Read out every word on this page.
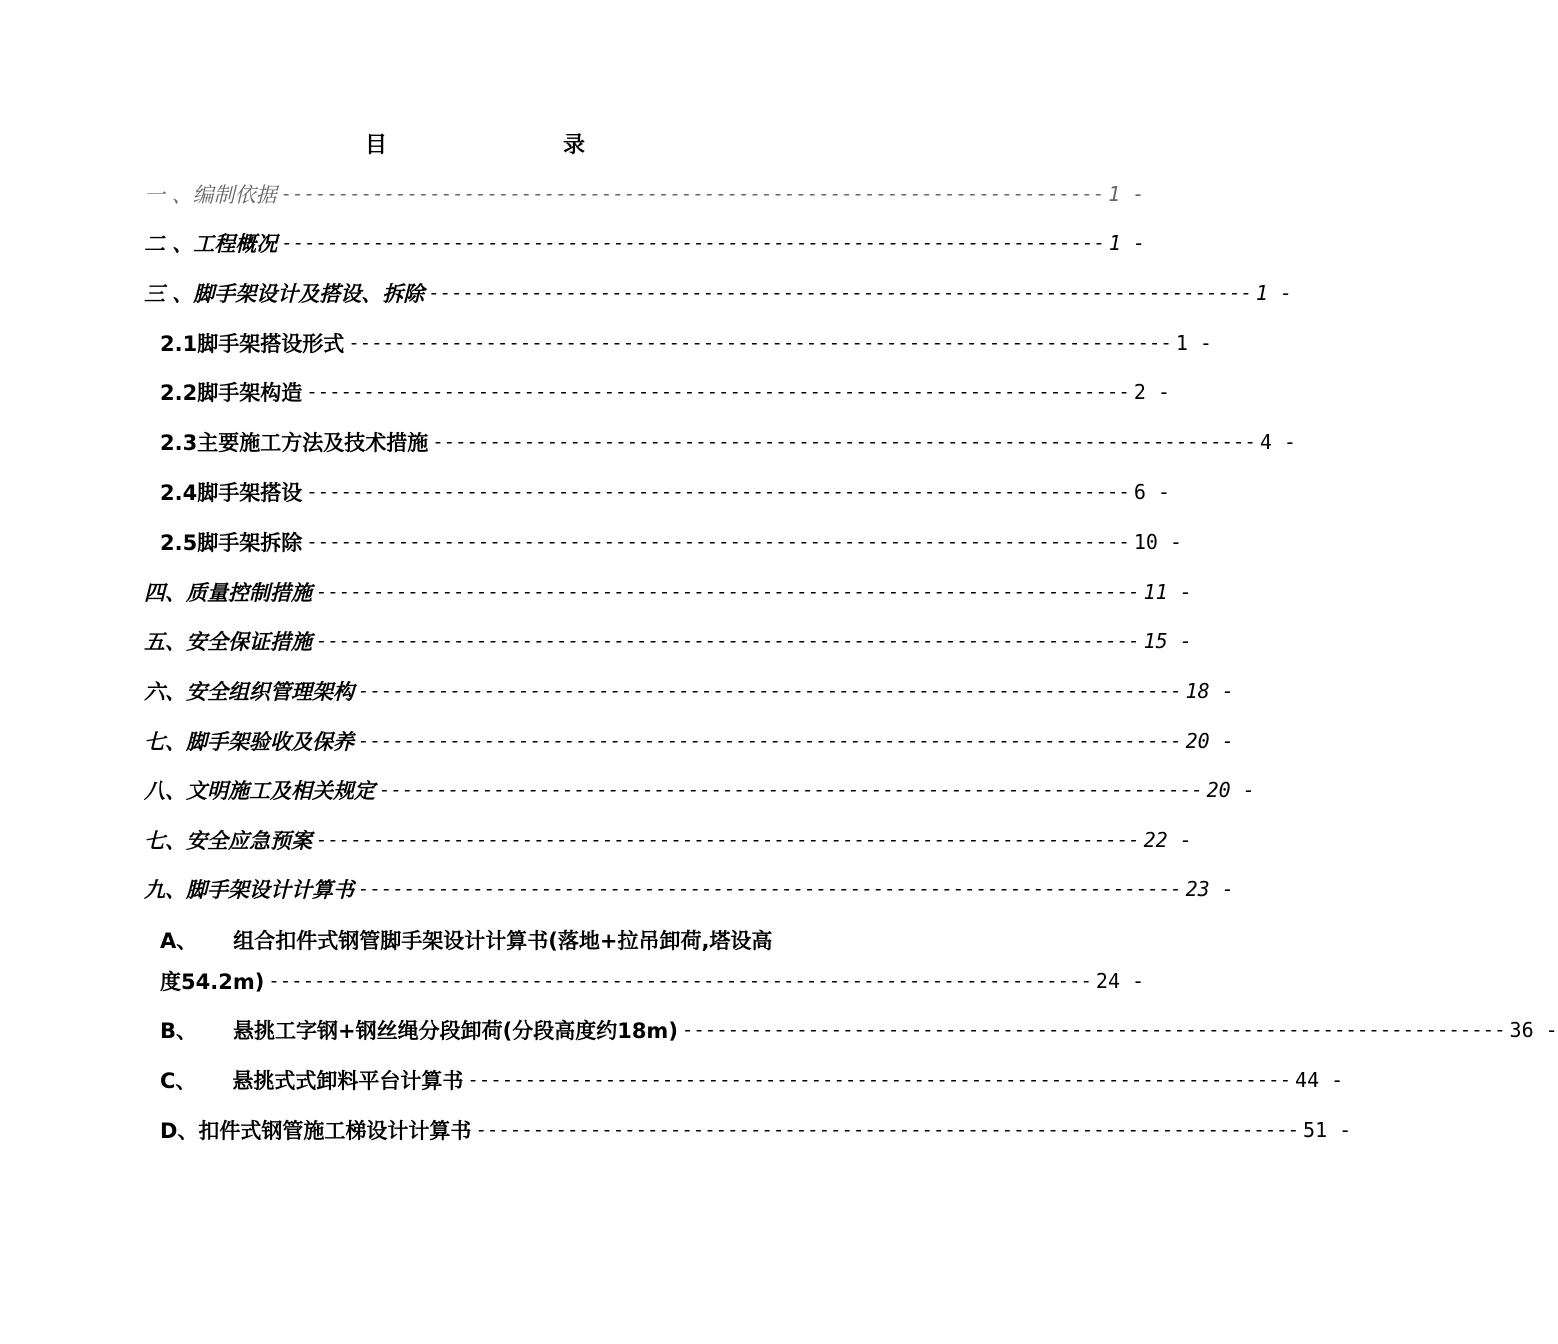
目　　录
一 、编制依据 ------------------------------------------------------------------------ 1 -
二 、工程概况 ------------------------------------------------------------------------ 1 -
三 、脚手架设计及搭设、拆除 ------------------------------------------------------------------------ 1 -
2.1脚手架搭设形式 ------------------------------------------------------------------------ 1 -
2.2脚手架构造 ------------------------------------------------------------------------ 2 -
2.3主要施工方法及技术措施 ------------------------------------------------------------------------ 4 -
2.4脚手架搭设 ------------------------------------------------------------------------ 6 -
2.5脚手架拆除 ------------------------------------------------------------------------ 10 -
四、质量控制措施 ------------------------------------------------------------------------ 11 -
五、安全保证措施 ------------------------------------------------------------------------ 15 -
六、安全组织管理架构 ------------------------------------------------------------------------ 18 -
七、脚手架验收及保养 ------------------------------------------------------------------------ 20 -
八、文明施工及相关规定 ------------------------------------------------------------------------ 20 -
七、安全应急预案 ------------------------------------------------------------------------ 22 -
九、脚手架设计计算书 ------------------------------------------------------------------------ 23 -
A、 组合扣件式钢管脚手架设计计算书(落地+拉吊卸荷,塔设高
度54.2m) ------------------------------------------------------------------------ 24 -
B、 悬挑工字钢+钢丝绳分段卸荷(分段高度约18m) ------------------------------------------------------------------------ 36 -
C、 悬挑式式卸料平台计算书 ------------------------------------------------------------------------ 44 -
D、扣件式钢管施工梯设计计算书 ------------------------------------------------------------------------ 51 -
